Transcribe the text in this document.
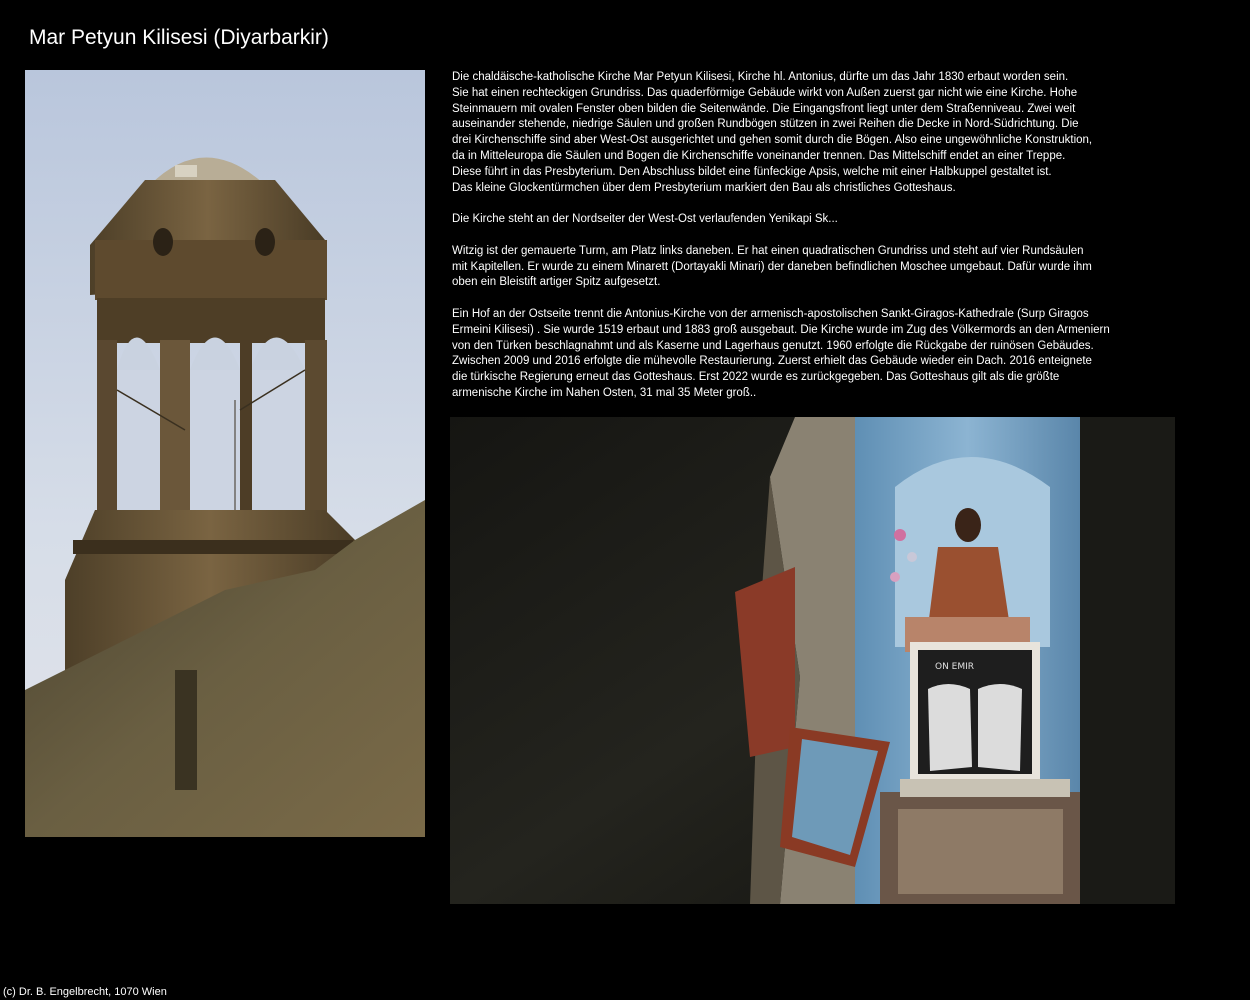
Mar Petyun Kilisesi (Diyarbarkir)

Die chaldäische-katholische Kirche Mar Petyun Kilisesi, Kirche hl. Antonius, dürfte um das Jahr 1830 erbaut worden sein.
Sie hat einen rechteckigen Grundriss. Das quaderförmige Gebäude wirkt von Außen zuerst gar nicht wie eine Kirche. Hohe
Steinmauern mit ovalen Fenster oben bilden die Seitenwände. Die Eingangsfront liegt unter dem Straßenniveau. Zwei weit
auseinander stehende, niedrige Säulen und großen Rundbögen stützen in zwei Reihen die Decke in Nord-Südrichtung. Die
drei Kirchenschiffe sind aber West-Ost ausgerichtet und gehen somit durch die Bögen. Also eine ungewöhnliche Konstruktion,
da in Mitteleuropa die Säulen und Bogen die Kirchenschiffe voneinander trennen. Das Mittelschiff endet an einer Treppe.
Diese führt in das Presbyterium. Den Abschluss bildet eine fünfeckige Apsis, welche mit einer Halbkuppel gestaltet ist.
Das kleine Glockentürmchen über dem Presbyterium markiert den Bau als christliches Gotteshaus.

Die Kirche steht an der Nordseiter der West-Ost verlaufenden Yenikapi Sk...

Witzig ist der gemauerte Turm, am Platz links daneben. Er hat einen quadratischen Grundriss und steht auf vier Rundsäulen
mit Kapitellen. Er wurde zu einem Minarett (Dortayakli Minari) der daneben befindlichen Moschee umgebaut. Dafür wurde ihm
oben ein Bleistift artiger Spitz aufgesetzt.

Ein Hof an der Ostseite trennt die Antonius-Kirche von der armenisch-apostolischen Sankt-Giragos-Kathedrale (Surp Giragos
Ermeini Kilisesi) . Sie wurde 1519 erbaut und 1883 groß ausgebaut. Die Kirche wurde im Zug des Völkermords an den Armeniern
von den Türken beschlagnahmt und als Kaserne und Lagerhaus genutzt. 1960 erfolgte die Rückgabe der ruinösen Gebäudes.
Zwischen 2009 und 2016 erfolgte die mühevolle Restaurierung. Zuerst erhielt das Gebäude wieder ein Dach. 2016 enteignete
die türkische Regierung erneut das Gotteshaus. Erst 2022 wurde es zurückgegeben. Das Gotteshaus gilt als die größte
armenische Kirche im Nahen Osten, 31 mal 35 Meter groß..

ON EMIR
(c) Dr. B. Engelbrecht, 1070 Wien
